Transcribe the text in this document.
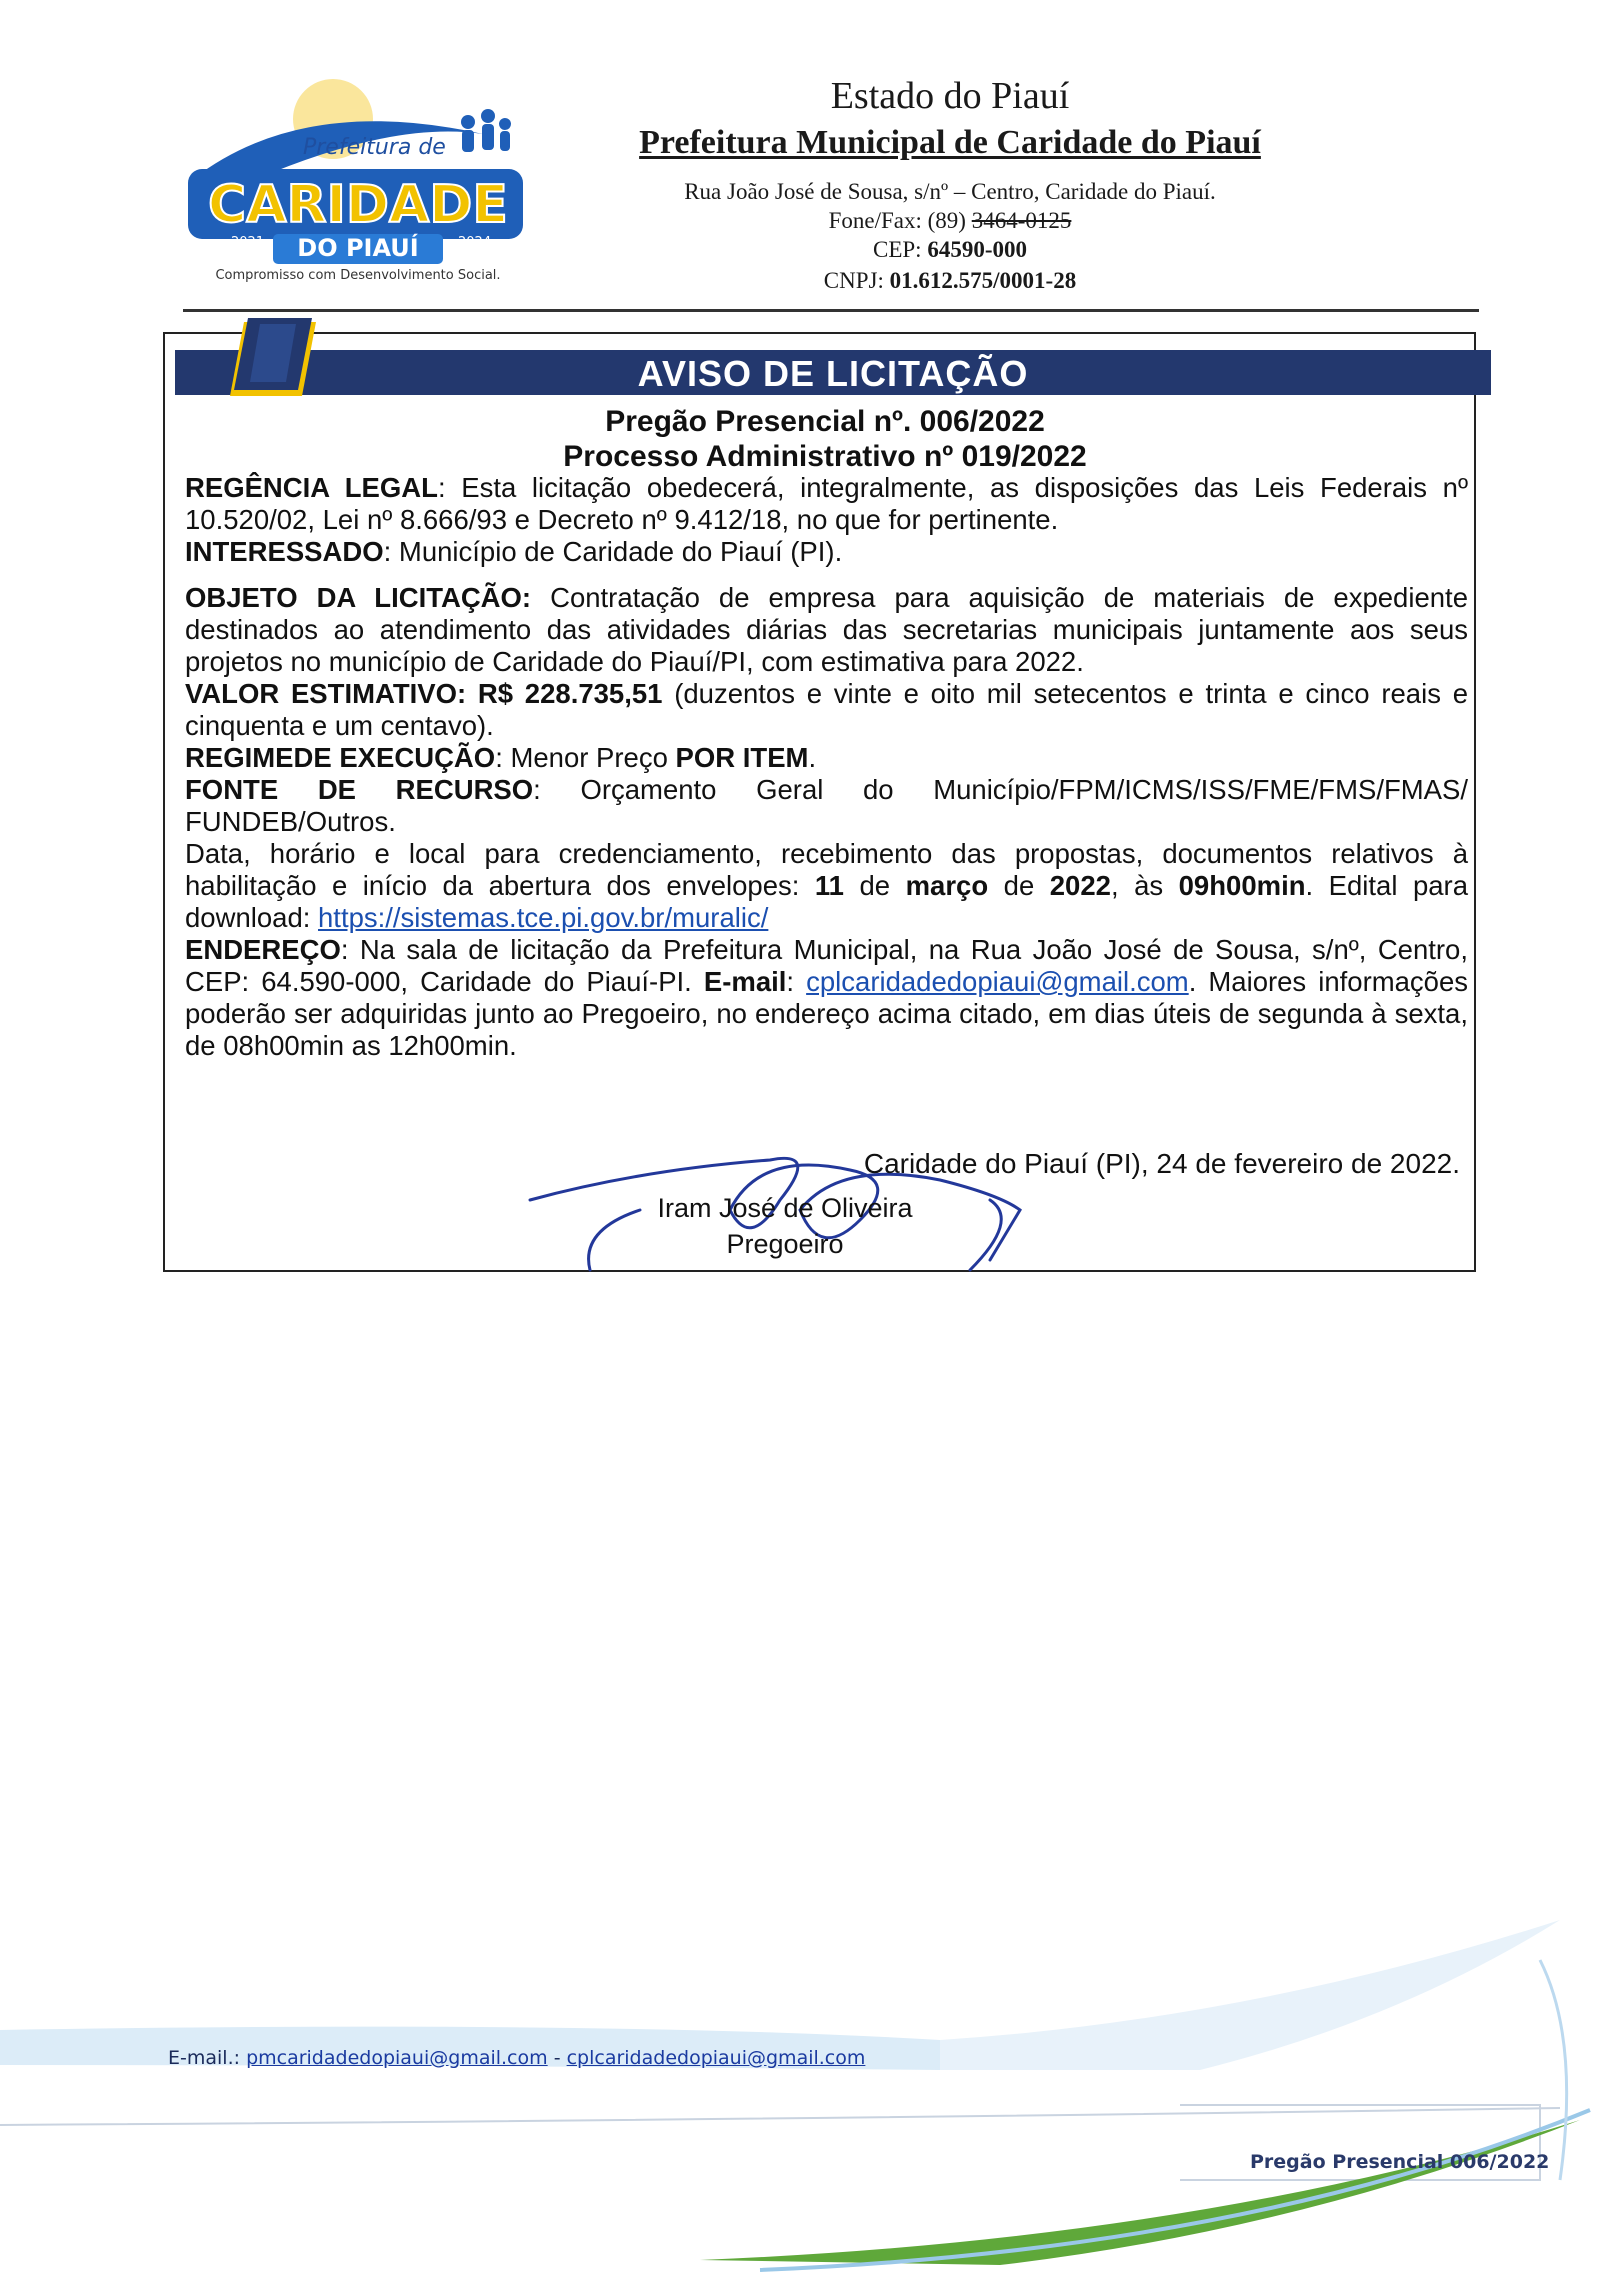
Prefeitura de
CARIDADE
DO PIAUÍ
2021	2024
Compromisso com Desenvolvimento Social.
Estado do Piauí
Prefeitura Municipal de Caridade do Piauí
Rua João José de Sousa, s/nº – Centro, Caridade do Piauí.
Fone/Fax: (89) 3464-0125
CEP: 64590-000
CNPJ: 01.612.575/0001-28
AVISO DE LICITAÇÃO
Pregão Presencial nº. 006/2022
Processo Administrativo nº 019/2022

REGÊNCIA LEGAL: Esta licitação obedecerá, integralmente, as disposições das Leis Federais nº 10.520/02, Lei nº 8.666/93 e Decreto nº 9.412/18, no que for pertinente.

INTERESSADO: Município de Caridade do Piauí (PI).

OBJETO DA LICITAÇÃO: Contratação de empresa para aquisição de materiais de expediente destinados ao atendimento das atividades diárias das secretarias municipais juntamente aos seus projetos no município de Caridade do Piauí/PI, com estimativa para 2022.

VALOR ESTIMATIVO: R$ 228.735,51 (duzentos e vinte e oito mil setecentos e trinta e cinco reais e cinquenta e um centavo).

REGIMEDE EXECUÇÃO: Menor Preço POR ITEM.

FONTE DE RECURSO: Orçamento Geral do Município/FPM/ICMS/ISS/FME/FMS/FMAS/ FUNDEB/Outros.

Data, horário e local para credenciamento, recebimento das propostas, documentos relativos à habilitação e início da abertura dos envelopes: 11 de março de 2022, às 09h00min. Edital para download: https://sistemas.tce.pi.gov.br/muralic/

ENDEREÇO: Na sala de licitação da Prefeitura Municipal, na Rua João José de Sousa, s/nº, Centro, CEP: 64.590-000, Caridade do Piauí-PI. E-mail: cplcaridadedopiaui@gmail.com. Maiores informações poderão ser adquiridas junto ao Pregoeiro, no endereço acima citado, em dias úteis de segunda à sexta, de 08h00min as 12h00min.

Caridade do Piauí (PI), 24 de fevereiro de 2022.
Iram José de Oliveira
Pregoeiro
E-mail.: pmcaridadedopiaui@gmail.com - cplcaridadedopiaui@gmail.com
Pregão Presencial 006/2022
